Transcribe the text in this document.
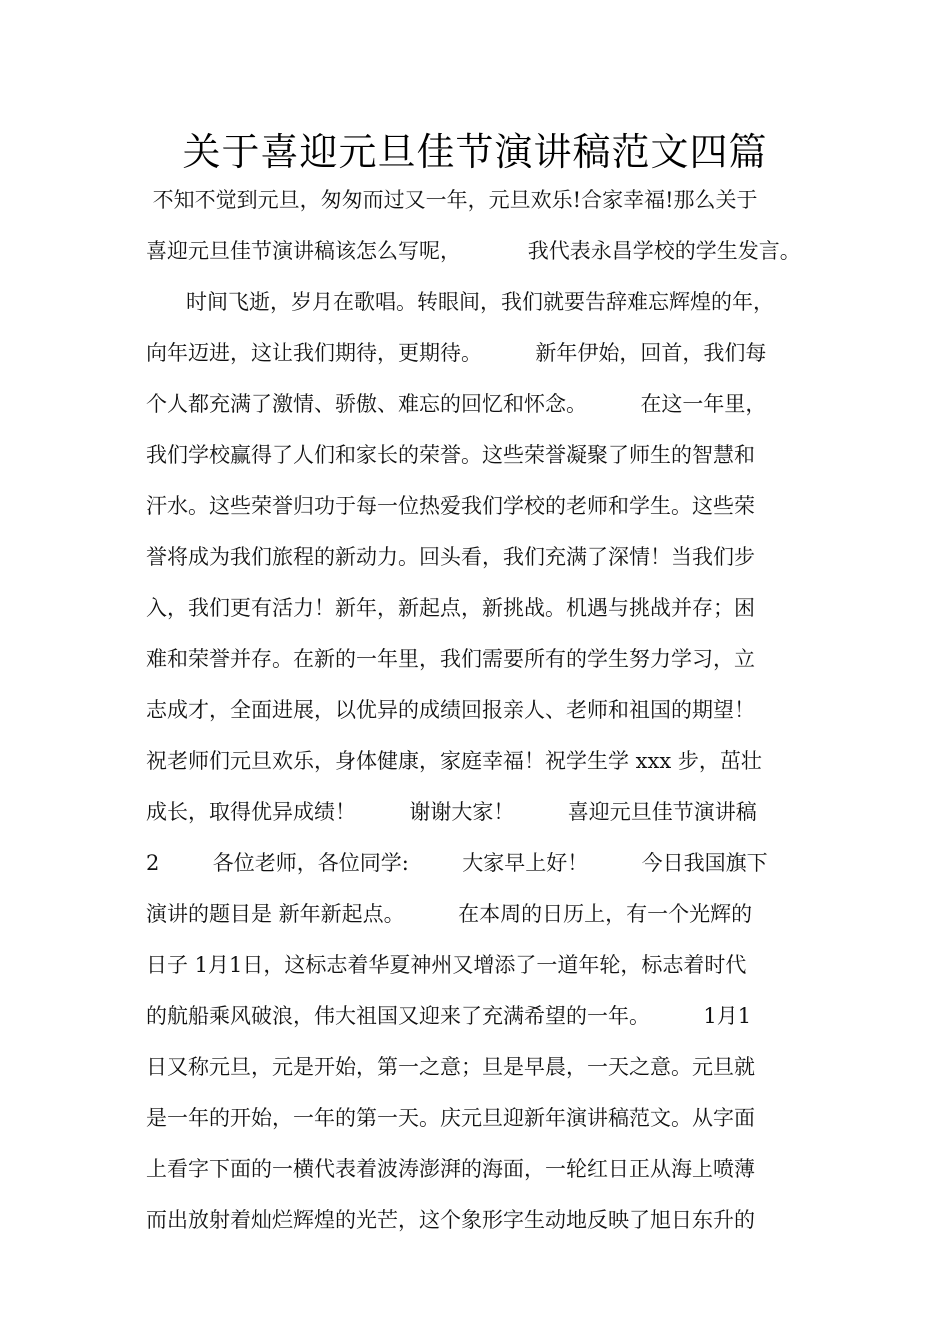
关于喜迎元旦佳节演讲稿范文四篇
不知不觉到元旦，匆匆而过又一年，元旦欢乐!合家幸福!那么关于
喜迎元旦佳节演讲稿该怎么写呢，          我代表永昌学校的学生发言。
时间飞逝，岁月在歌唱。转眼间，我们就要告辞难忘辉煌的年，
向年迈进，这让我们期待，更期待。        新年伊始，回首，我们每
个人都充满了激情、骄傲、难忘的回忆和怀念。        在这一年里，
我们学校赢得了人们和家长的荣誉。这些荣誉凝聚了师生的智慧和
汗水。这些荣誉归功于每一位热爱我们学校的老师和学生。这些荣
誉将成为我们旅程的新动力。回头看，我们充满了深情！当我们步
入，我们更有活力！新年，新起点，新挑战。机遇与挑战并存；困
难和荣誉并存。在新的一年里，我们需要所有的学生努力学习，立
志成才，全面进展，以优异的成绩回报亲人、老师和祖国的期望！
祝老师们元旦欢乐，身体健康，家庭幸福！祝学生学 xxx 步，茁壮
成长，取得优异成绩！        谢谢大家！        喜迎元旦佳节演讲稿
2        各位老师，各位同学:        大家早上好！        今日我国旗下
演讲的题目是 新年新起点。        在本周的日历上，有一个光辉的
日子 1月1日，这标志着华夏神州又增添了一道年轮，标志着时代
的航船乘风破浪，伟大祖国又迎来了充满希望的一年。        1月1
日又称元旦，元是开始，第一之意；旦是早晨，一天之意。元旦就
是一年的开始，一年的第一天。庆元旦迎新年演讲稿范文。从字面
上看字下面的一横代表着波涛澎湃的海面，一轮红日正从海上喷薄
而出放射着灿烂辉煌的光芒，这个象形字生动地反映了旭日东升的
